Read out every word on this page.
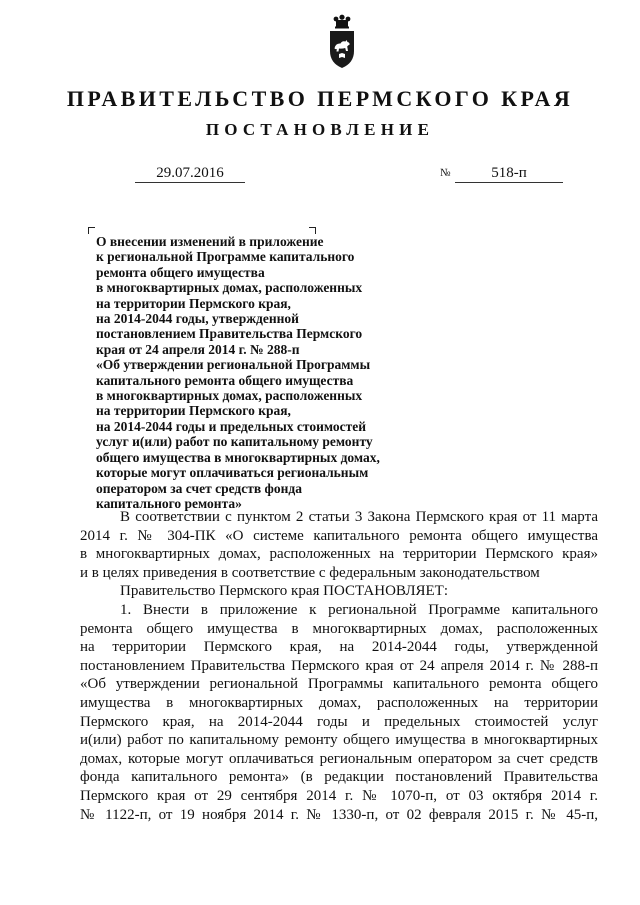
ПРАВИТЕЛЬСТВО ПЕРМСКОГО КРАЯ
ПОСТАНОВЛЕНИЕ
29.07.2016	№	518-п

О внесении изменений в приложение
к региональной Программе капитального
ремонта общего имущества
в многоквартирных домах, расположенных
на территории Пермского края,
на 2014-2044 годы, утвержденной
постановлением Правительства Пермского
края от 24 апреля 2014 г. № 288-п
«Об утверждении региональной Программы
капитального ремонта общего имущества
в многоквартирных домах, расположенных
на территории Пермского края,
на 2014-2044 годы и предельных стоимостей
услуг и(или) работ по капитальному ремонту
общего имущества в многоквартирных домах,
которые могут оплачиваться региональным
оператором за счет средств фонда
капитального ремонта»

В соответствии с пунктом 2 статьи 3 Закона Пермского края от 11 марта
2014 г. № 304-ПК «О системе капитального ремонта общего имущества
в многоквартирных домах, расположенных на территории Пермского края»
и в целях приведения в соответствие с федеральным законодательством

Правительство Пермского края ПОСТАНОВЛЯЕТ:

1. Внести в приложение к региональной Программе капитального
ремонта общего имущества в многоквартирных домах, расположенных
на территории Пермского края, на 2014-2044 годы, утвержденной
постановлением Правительства Пермского края от 24 апреля 2014 г. № 288-п
«Об утверждении региональной Программы капитального ремонта общего
имущества в многоквартирных домах, расположенных на территории
Пермского края, на 2014-2044 годы и предельных стоимостей услуг
и(или) работ по капитальному ремонту общего имущества в многоквартирных
домах, которые могут оплачиваться региональным оператором за счет средств
фонда капитального ремонта» (в редакции постановлений Правительства
Пермского края от 29 сентября 2014 г. № 1070-п, от 03 октября 2014 г.
№ 1122-п, от 19 ноября 2014 г. № 1330-п, от 02 февраля 2015 г. № 45-п,
